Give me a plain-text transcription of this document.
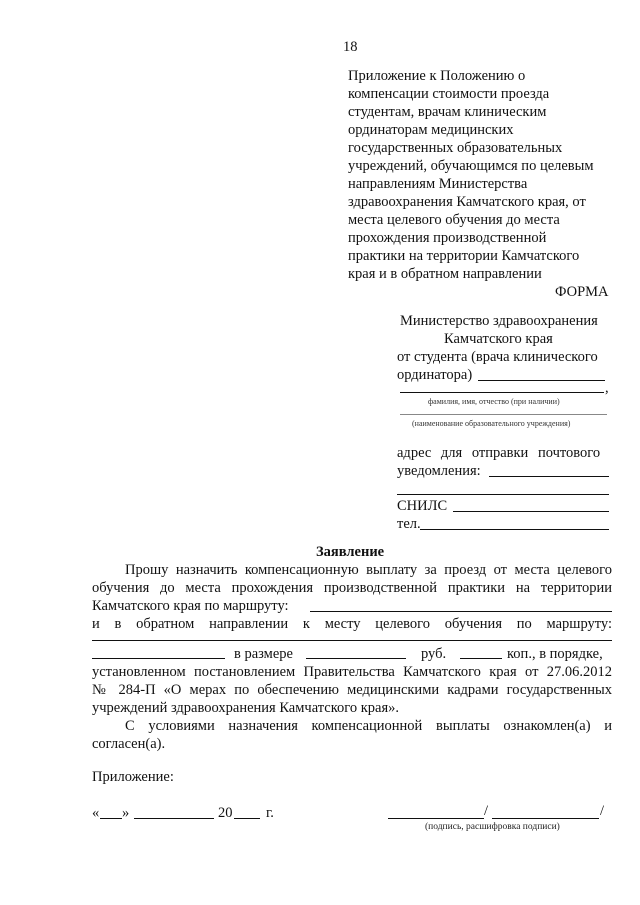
18
Приложение к Положению о
компенсации стоимости проезда
студентам, врачам клиническим
ординаторам медицинских
государственных образовательных
учреждений, обучающимся по целевым
направлениям Министерства
здравоохранения Камчатского края, от
места целевого обучения до места
прохождения производственной
практики на территории Камчатского
края и в обратном направлении
ФОРМА
Министерство здравоохранения
Камчатского края
от студента (врача клинического
ординатора)
,
фамилия, имя, отчество (при наличии)
(наименование образовательного учреждения)
адрес для отправки почтового
уведомления:
СНИЛС
тел.
Заявление
Прошу назначить компенсационную выплату за проезд от места целевого
обучения до места прохождения производственной практики на территории
Камчатского края по маршруту:
и в обратном направлении к месту целевого обучения по маршруту:
в размере	руб.	коп., в порядке,
установленном постановлением Правительства Камчатского края от 27.06.2012
№ 284-П «О мерах по обеспечению медицинскими кадрами государственных
учреждений здравоохранения Камчатского края».
С условиями назначения компенсационной выплаты ознакомлен(а) и
согласен(а).
Приложение:
« »	20 г.	/	/
(подпись, расшифровка подписи)
